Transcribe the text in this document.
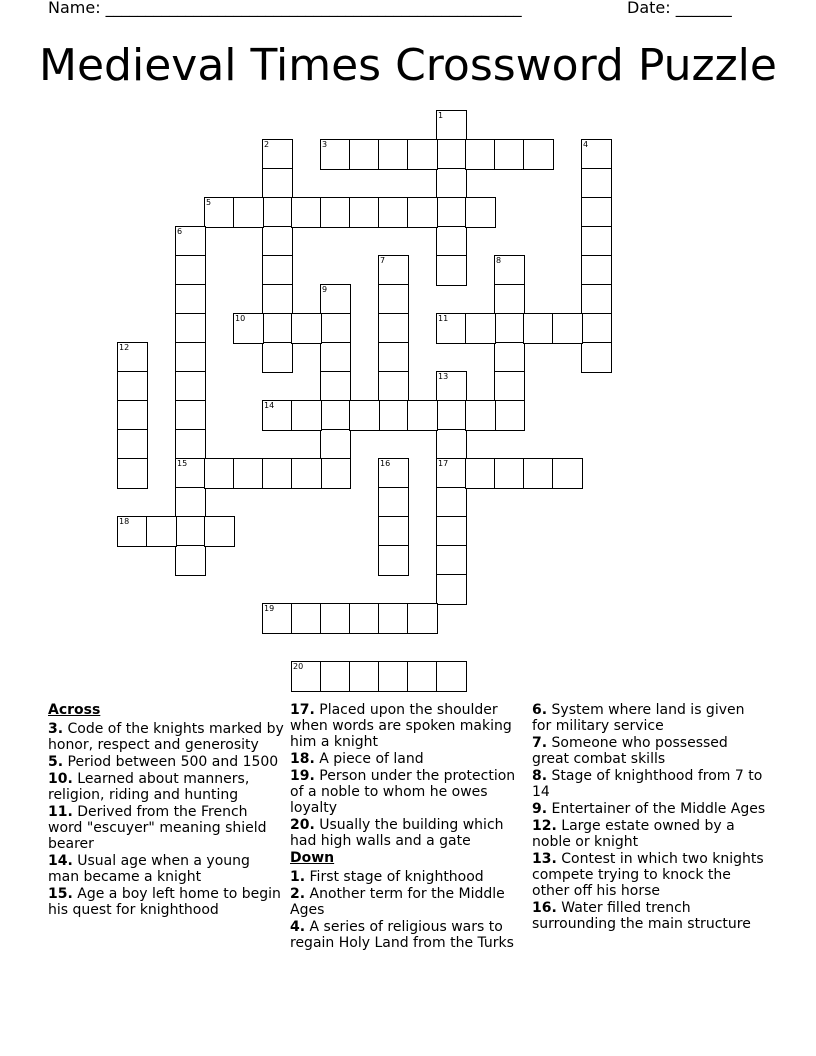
Name: ____________________________________________________	Date: _______
Medieval Times Crossword Puzzle
1
2	3	4
5
6
15
7	8
9
10	11
12
13
17
14
16
18
19
20
Across
3. Code of the knights marked by honor, respect and generosity
5. Period between 500 and 1500
10. Learned about manners, religion, riding and hunting
11. Derived from the French word "escuyer" meaning shield bearer
14. Usual age when a young man became a knight
15. Age a boy left home to begin his quest for knighthood
17. Placed upon the shoulder when words are spoken making him a knight
18. A piece of land
19. Person under the protection of a noble to whom he owes loyalty
20. Usually the building which had high walls and a gate
Down
1. First stage of knighthood
2. Another term for the Middle Ages
4. A series of religious wars to regain Holy Land from the Turks
6. System where land is given for military service
7. Someone who possessed great combat skills
8. Stage of knighthood from 7 to 14
9. Entertainer of the Middle Ages
12. Large estate owned by a noble or knight
13. Contest in which two knights compete trying to knock the other off his horse
16. Water filled trench surrounding the main structure
